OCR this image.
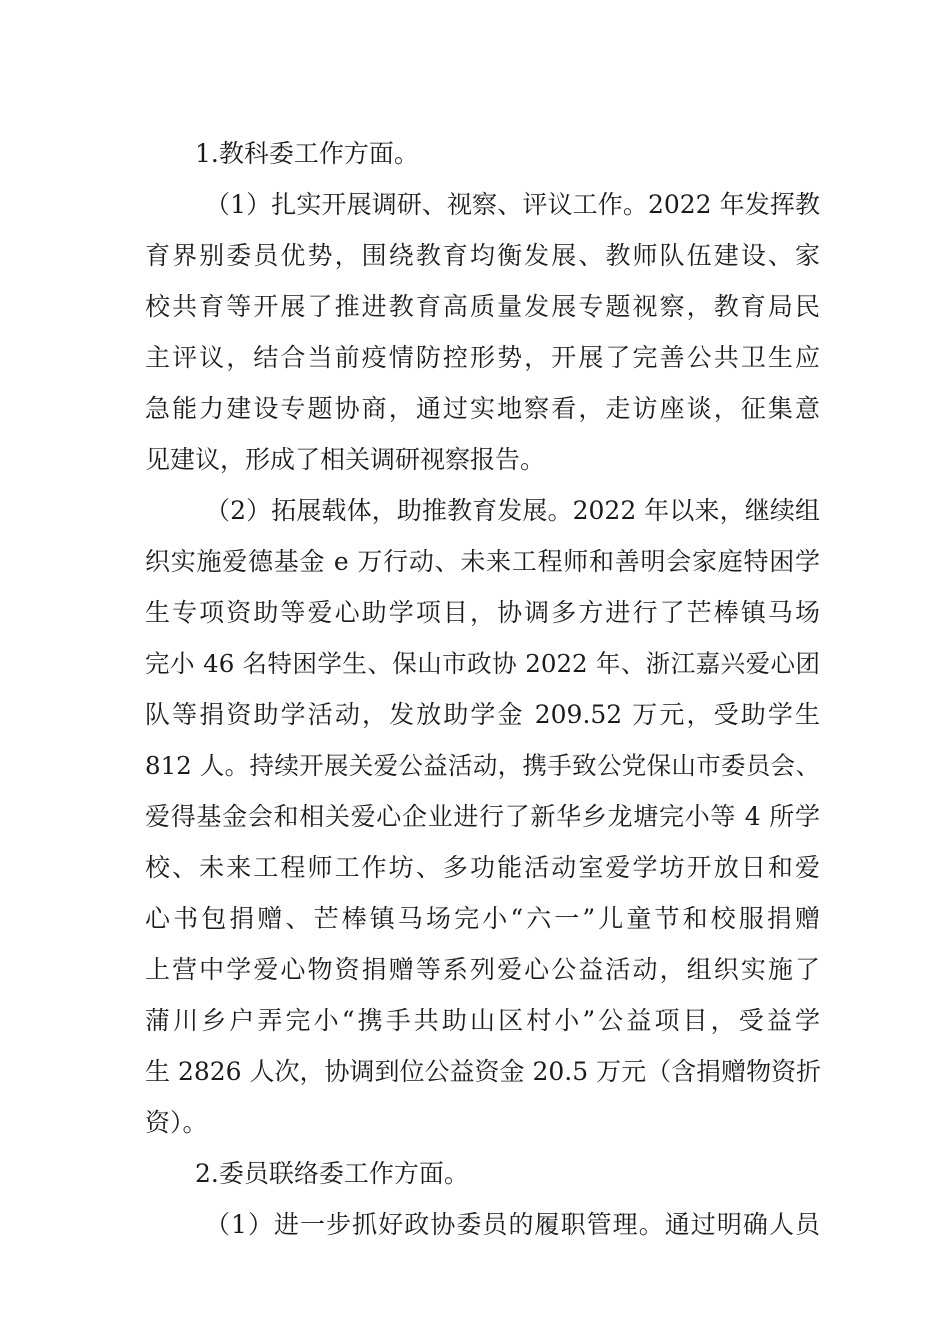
1.教科委工作方面。
（1）扎实开展调研、视察、评议工作。2022 年发挥教
育界别委员优势，围绕教育均衡发展、教师队伍建设、家
校共育等开展了推进教育高质量发展专题视察，教育局民
主评议，结合当前疫情防控形势，开展了完善公共卫生应
急能力建设专题协商，通过实地察看，走访座谈，征集意
见建议，形成了相关调研视察报告。
（2）拓展载体，助推教育发展。2022 年以来，继续组
织实施爱德基金 e 万行动、未来工程师和善明会家庭特困学
生专项资助等爱心助学项目，协调多方进行了芒棒镇马场
完小 46 名特困学生、保山市政协 2022 年、浙江嘉兴爱心团
队等捐资助学活动，发放助学金 209.52 万元，受助学生
812 人。持续开展关爱公益活动，携手致公党保山市委员会、
爱得基金会和相关爱心企业进行了新华乡龙塘完小等 4 所学
校、未来工程师工作坊、多功能活动室爱学坊开放日和爱
心书包捐赠、芒棒镇马场完小“六一”儿童节和校服捐赠
上营中学爱心物资捐赠等系列爱心公益活动，组织实施了
蒲川乡户弄完小“携手共助山区村小”公益项目，受益学
生 2826 人次，协调到位公益资金 20.5 万元（含捐赠物资折
资）。
2.委员联络委工作方面。
（1）进一步抓好政协委员的履职管理。通过明确人员
